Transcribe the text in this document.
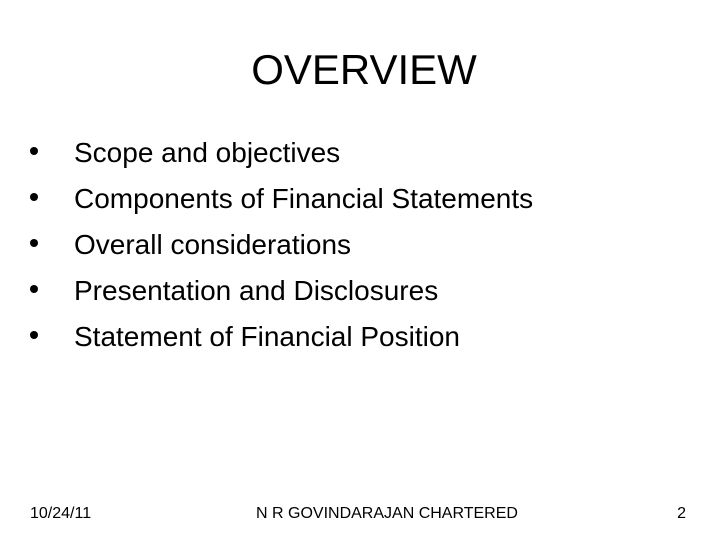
OVERVIEW
Scope and objectives
Components of Financial Statements
Overall considerations
Presentation and Disclosures
Statement of Financial Position
10/24/11	N R GOVINDARAJAN CHARTERED	2
